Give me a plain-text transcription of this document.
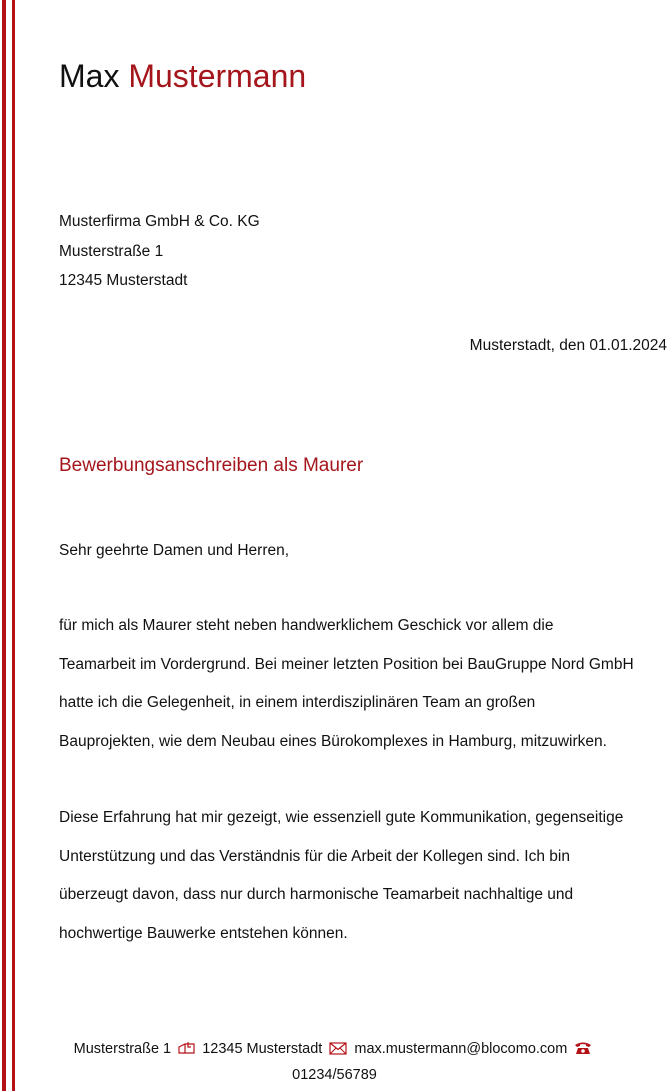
Max Mustermann
Musterfirma GmbH & Co. KG
Musterstraße 1
12345 Musterstadt
Musterstadt, den 01.01.2024
Bewerbungsanschreiben als Maurer
Sehr geehrte Damen und Herren,
für mich als Maurer steht neben handwerklichem Geschick vor allem die
Teamarbeit im Vordergrund. Bei meiner letzten Position bei BauGruppe Nord GmbH
hatte ich die Gelegenheit, in einem interdisziplinären Team an großen
Bauprojekten, wie dem Neubau eines Bürokomplexes in Hamburg, mitzuwirken.
Diese Erfahrung hat mir gezeigt, wie essenziell gute Kommunikation, gegenseitige
Unterstützung und das Verständnis für die Arbeit der Kollegen sind. Ich bin
überzeugt davon, dass nur durch harmonische Teamarbeit nachhaltige und
hochwertige Bauwerke entstehen können.
Musterstraße 1 12345 Musterstadt max.mustermann@blocomo.com
01234/56789
